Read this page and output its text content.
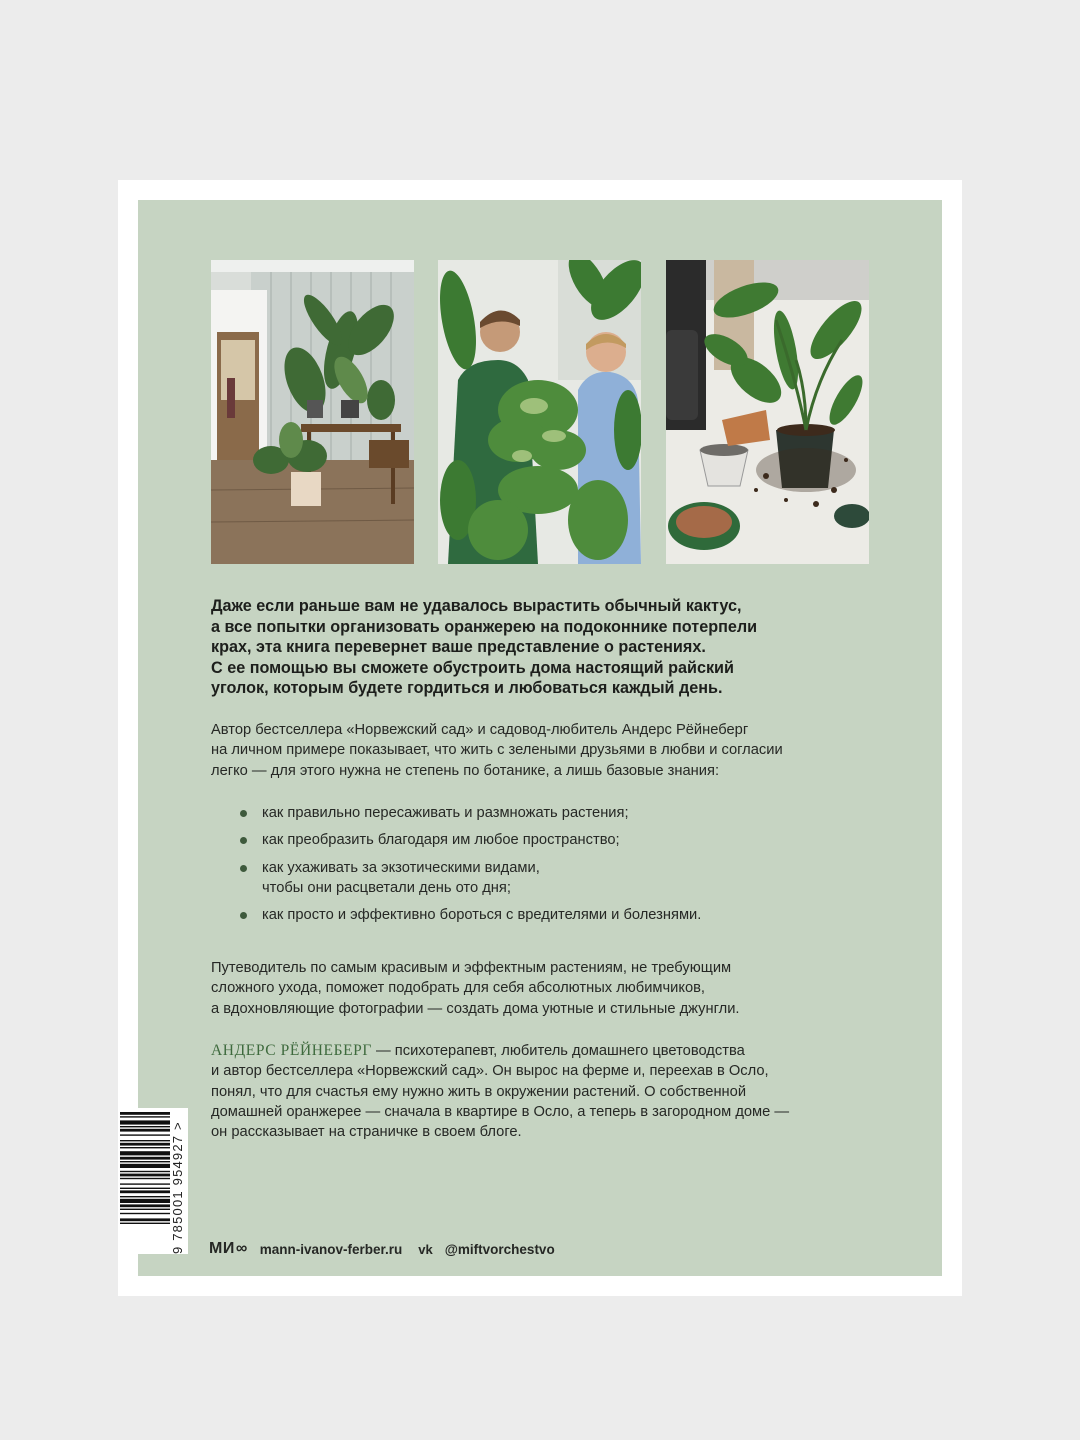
Даже если раньше вам не удавалось вырастить обычный кактус,
а все попытки организовать оранжерею на подоконнике потерпели
крах, эта книга перевернет ваше представление о растениях.
С ее помощью вы сможете обустроить дома настоящий райский
уголок, которым будете гордиться и любоваться каждый день.
Автор бестселлера «Норвежский сад» и садовод-любитель Андерс Рёйнеберг
на личном примере показывает, что жить с зелеными друзьями в любви и согласии
легко — для этого нужна не степень по ботанике, а лишь базовые знания:
как правильно пересаживать и размножать растения;
как преобразить благодаря им любое пространство;
как ухаживать за экзотическими видами,
чтобы они расцветали день ото дня;
как просто и эффективно бороться с вредителями и болезнями.
Путеводитель по самым красивым и эффектным растениям, не требующим
сложного ухода, поможет подобрать для себя абсолютных любимчиков,
а вдохновляющие фотографии — создать дома уютные и стильные джунгли.
АНДЕРС РЁЙНЕБЕРГ — психотерапевт, любитель домашнего цветоводства
и автор бестселлера «Норвежский сад». Он вырос на ферме и, переехав в Осло,
понял, что для счастья ему нужно жить в окружении растений. О собственной
домашней оранжерее — сначала в квартире в Осло, а теперь в загородном доме —
он рассказывает на страничке в своем блоге.
9 785001 954927 > МИ ∞ mann-ivanov-ferber.ru vk @miftvorchestvo
